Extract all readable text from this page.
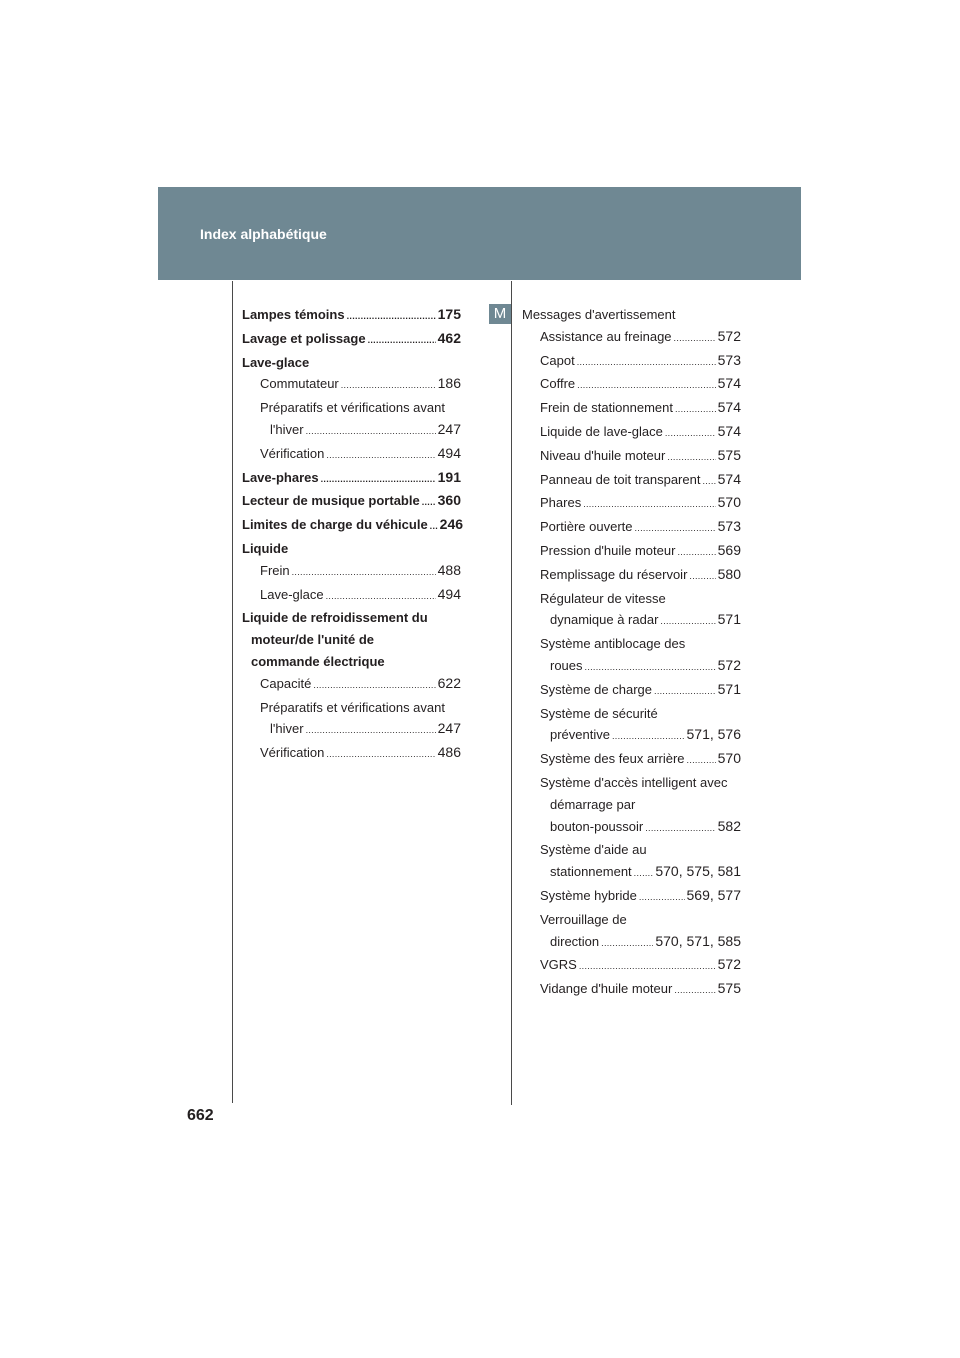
Index alphabétique
M
Lampes témoins .....	175
Lavage et polissage .....	462
Lave-glace
Commutateur .....	186
Préparatifs et vérifications avant
l'hiver .....	247
Vérification .....	494
Lave-phares .....	191
Lecteur de musique portable ..... 360
Limites de charge du véhicule ..... 246
Liquide
Frein .....	488
Lave-glace .....	494
Liquide de refroidissement du
moteur/de l'unité de
commande électrique
Capacité .....	622
Préparatifs et vérifications avant
l'hiver .....	247
Vérification .....	486
Messages d'avertissement
Assistance au freinage .....	572
Capot .....	573
Coffre .....	574
Frein de stationnement .....	574
Liquide de lave-glace .....	574
Niveau d'huile moteur .....	575
Panneau de toit transparent ..... 574
Phares .....	570
Portière ouverte .....	573
Pression d'huile moteur .....	569
Remplissage du réservoir ..... 580
Régulateur de vitesse
dynamique à radar .....	571
Système antiblocage des
roues .....	572
Système de charge .....	571
Système de sécurité
préventive .....	571, 576
Système des feux arrière ..... 570
Système d'accès intelligent avec
démarrage par
bouton-poussoir .....	582
Système d'aide au
stationnement ..... 570, 575, 581
Système hybride .....	569, 577
Verrouillage de
direction .....	570, 571, 585
VGRS .....	572
Vidange d'huile moteur .....	575
662
